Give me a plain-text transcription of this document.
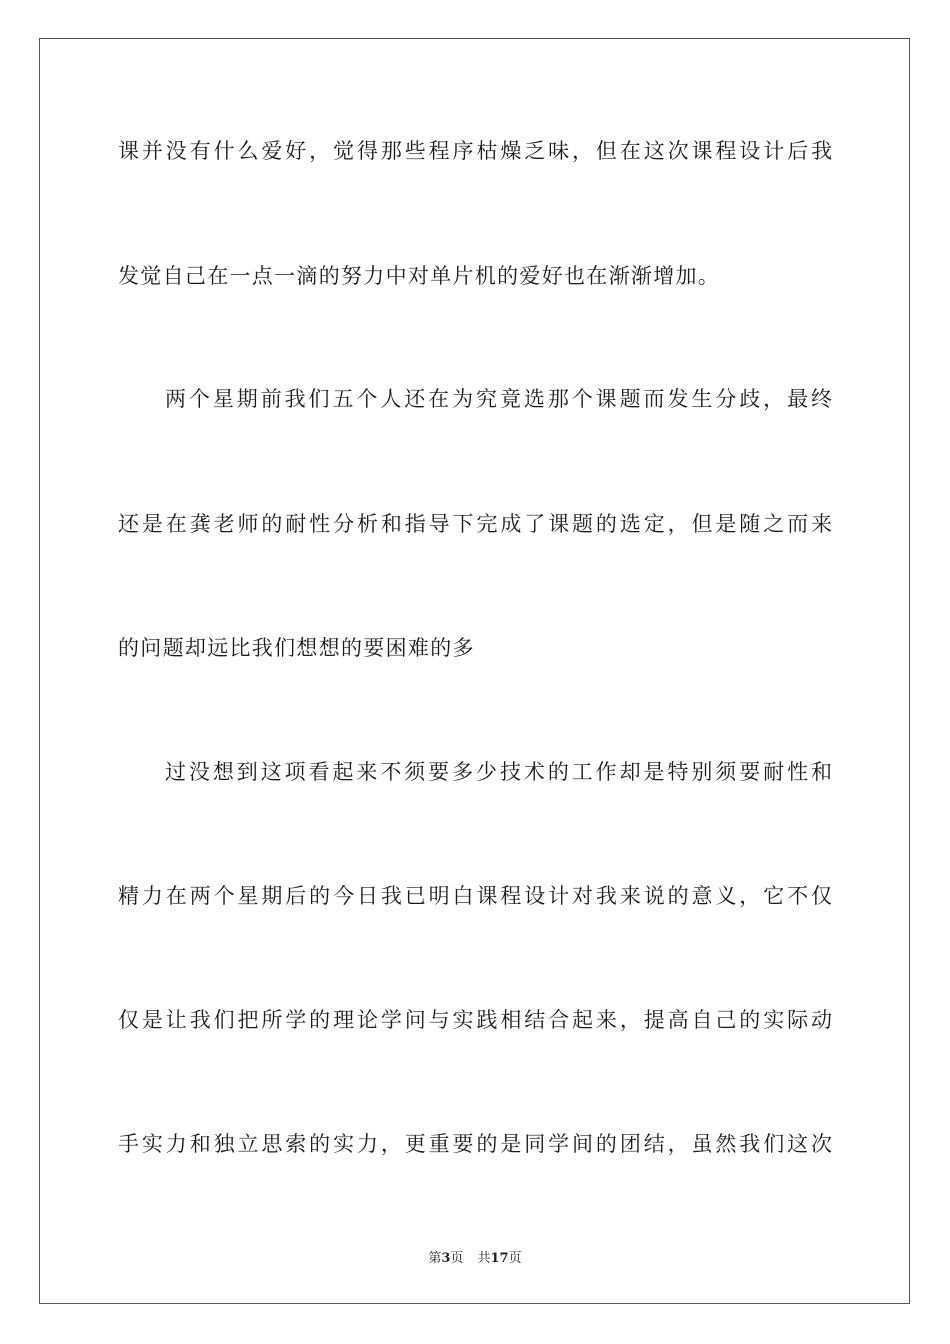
课并没有什么爱好，觉得那些程序枯燥乏味，但在这次课程设计后我

发觉自己在一点一滴的努力中对单片机的爱好也在渐渐增加。

两个星期前我们五个人还在为究竟选那个课题而发生分歧，最终

还是在龚老师的耐性分析和指导下完成了课题的选定，但是随之而来

的问题却远比我们想想的要困难的多

过没想到这项看起来不须要多少技术的工作却是特别须要耐性和

精力在两个星期后的今日我已明白课程设计对我来说的意义，它不仅

仅是让我们把所学的理论学问与实践相结合起来，提高自己的实际动

手实力和独立思索的实力，更重要的是同学间的团结，虽然我们这次

第3页 共17页
